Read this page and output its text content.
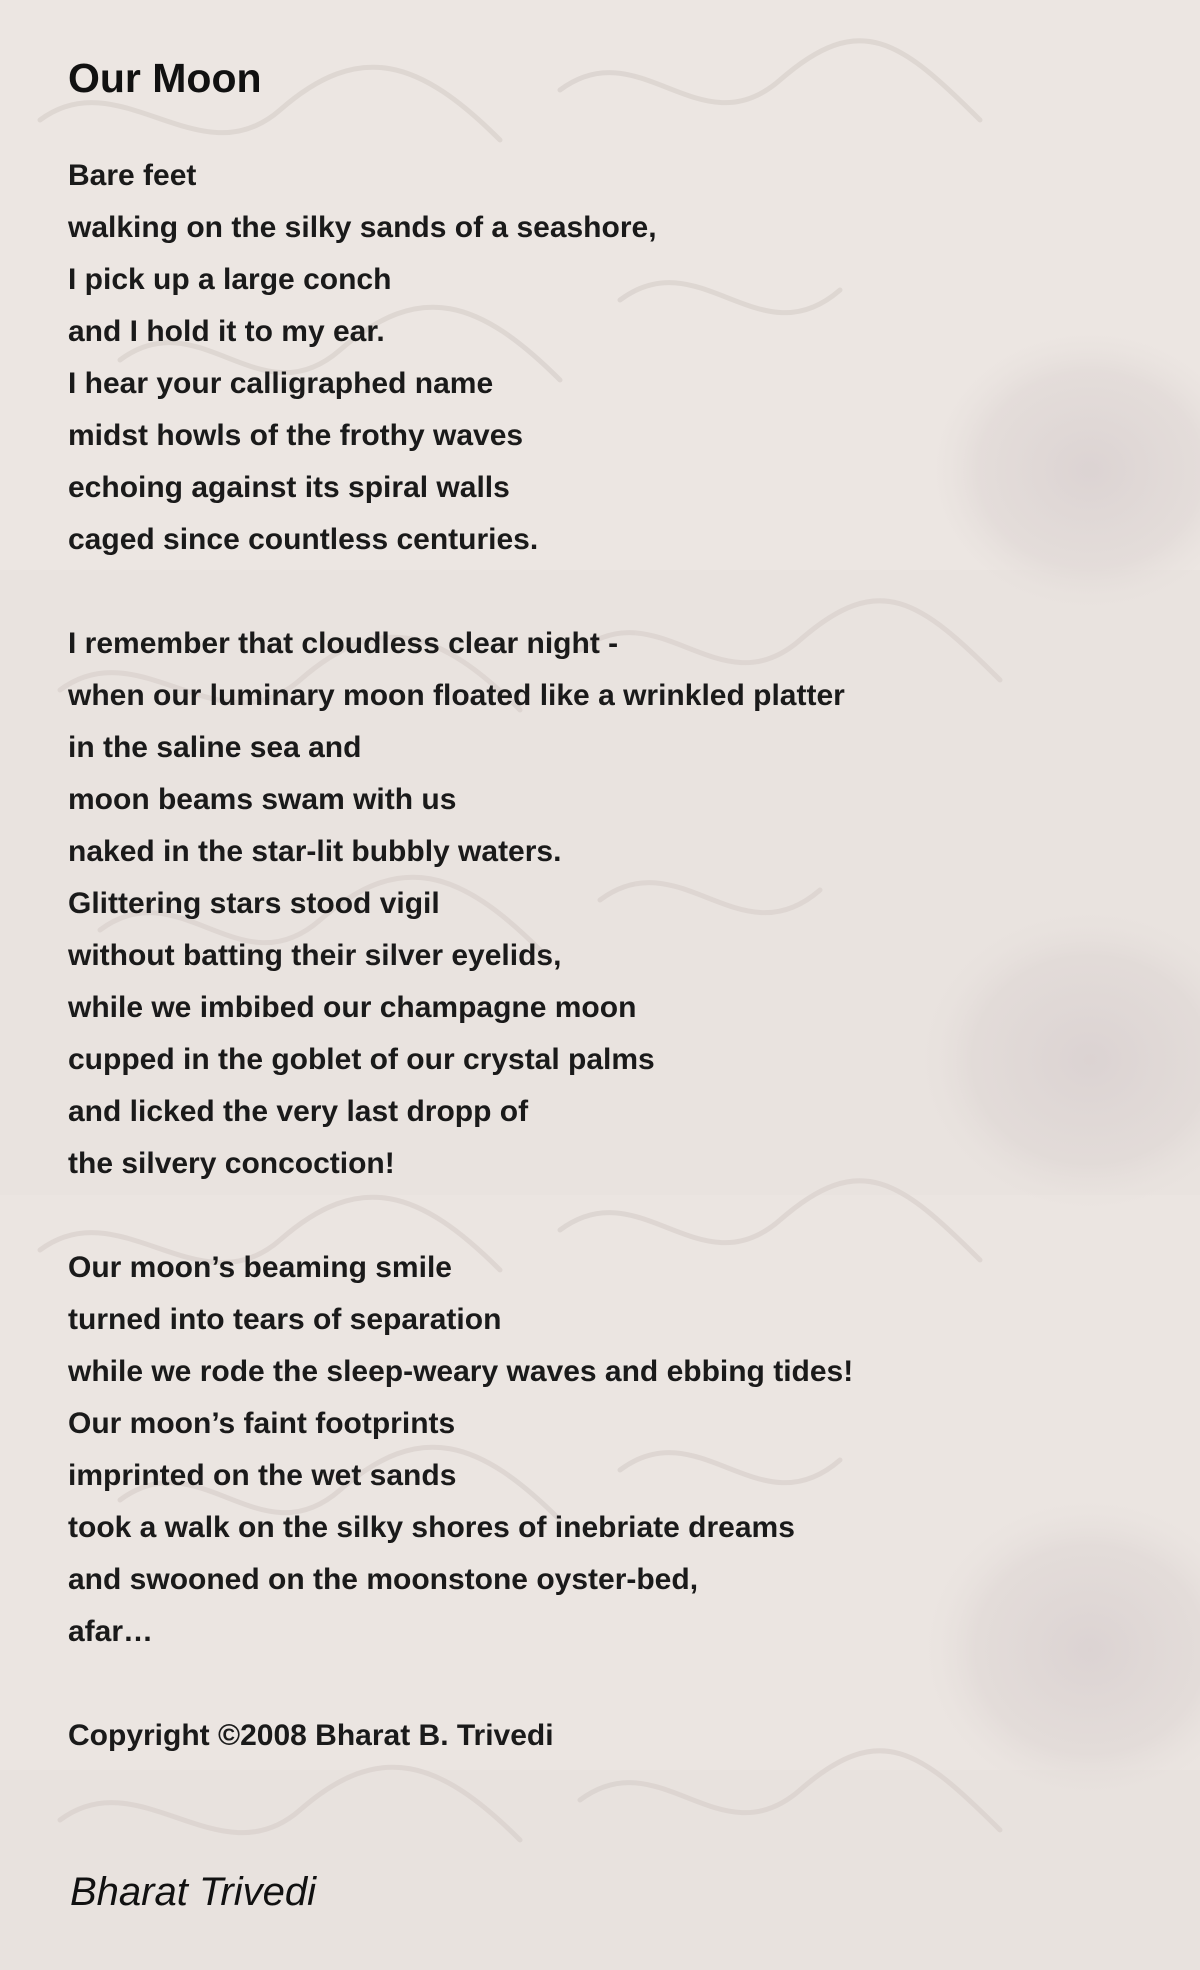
Our Moon

Bare feet
walking on the silky sands of a seashore,
I pick up a large conch
and I hold it to my ear.
I hear your calligraphed name
midst howls of the frothy waves
echoing against its spiral walls
caged since countless centuries.

I remember that cloudless clear night -
when our luminary moon floated like a wrinkled platter
in the saline sea and
moon beams swam with us
naked in the star-lit bubbly waters.
Glittering stars stood vigil
without batting their silver eyelids,
while we imbibed our champagne moon
cupped in the goblet of our crystal palms
and licked the very last dropp of
the silvery concoction!

Our moon’s beaming smile
turned into tears of separation
while we rode the sleep-weary waves and ebbing tides!
Our moon’s faint footprints
imprinted on the wet sands
took a walk on the silky shores of inebriate dreams
and swooned on the moonstone oyster-bed,
afar…

Copyright ©2008 Bharat B. Trivedi
Bharat Trivedi
